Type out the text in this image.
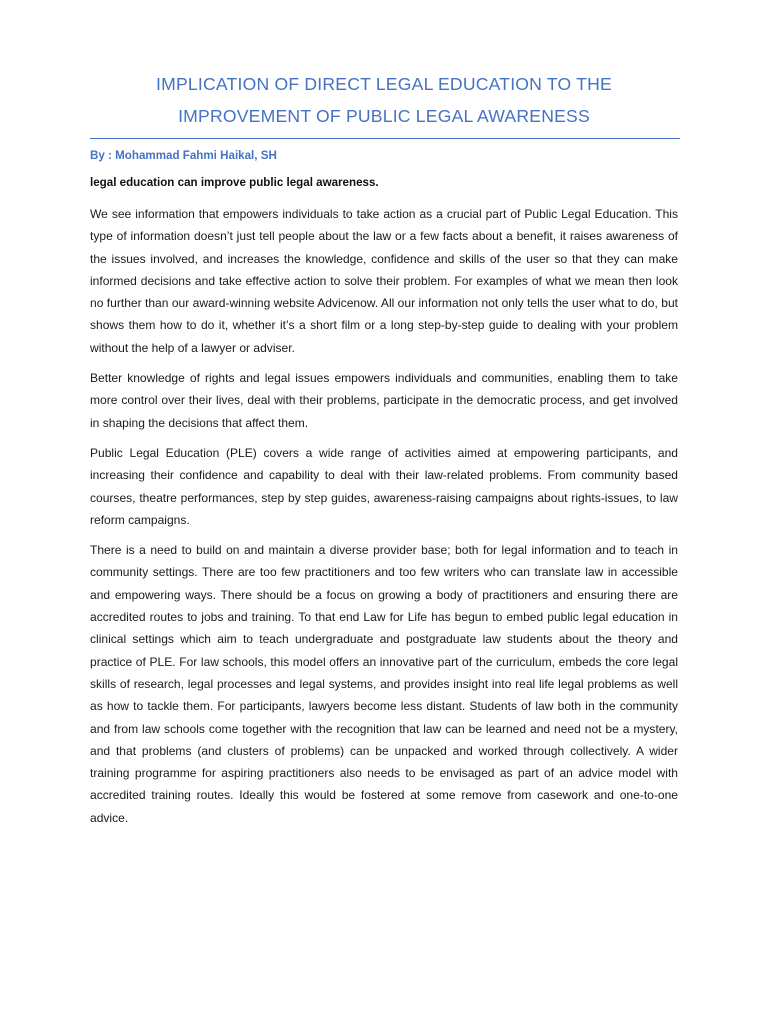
IMPLICATION OF DIRECT LEGAL EDUCATION TO THE
IMPROVEMENT OF PUBLIC LEGAL AWARENESS

By : Mohammad Fahmi Haikal, SH

legal education can improve public legal awareness.

We see information that empowers individuals to take action as a crucial part of Public Legal Education. This type of information doesn’t just tell people about the law or a few facts about a benefit, it raises awareness of the issues involved, and increases the knowledge, confidence and skills of the user so that they can make informed decisions and take effective action to solve their problem. For examples of what we mean then look no further than our award-winning website Advicenow. All our information not only tells the user what to do, but shows them how to do it, whether it’s a short film or a long step-by-step guide to dealing with your problem without the help of a lawyer or adviser.

Better knowledge of rights and legal issues empowers individuals and communities, enabling them to take more control over their lives, deal with their problems, participate in the democratic process, and get involved in shaping the decisions that affect them.

Public Legal Education (PLE) covers a wide range of activities aimed at empowering participants, and increasing their confidence and capability to deal with their law-related problems. From community based courses, theatre performances, step by step guides, awareness-raising campaigns about rights-issues, to law reform campaigns.

There is a need to build on and maintain a diverse provider base; both for legal information and to teach in community settings. There are too few practitioners and too few writers who can translate law in accessible and empowering ways. There should be a focus on growing a body of practitioners and ensuring there are accredited routes to jobs and training. To that end Law for Life has begun to embed public legal education in clinical settings which aim to teach undergraduate and postgraduate law students about the theory and practice of PLE. For law schools, this model offers an innovative part of the curriculum, embeds the core legal skills of research, legal processes and legal systems, and provides insight into real life legal problems as well as how to tackle them. For participants, lawyers become less distant. Students of law both in the community and from law schools come together with the recognition that law can be learned and need not be a mystery, and that problems (and clusters of problems) can be unpacked and worked through collectively. A wider training programme for aspiring practitioners also needs to be envisaged as part of an advice model with accredited training routes. Ideally this would be fostered at some remove from casework and one-to-one advice.
